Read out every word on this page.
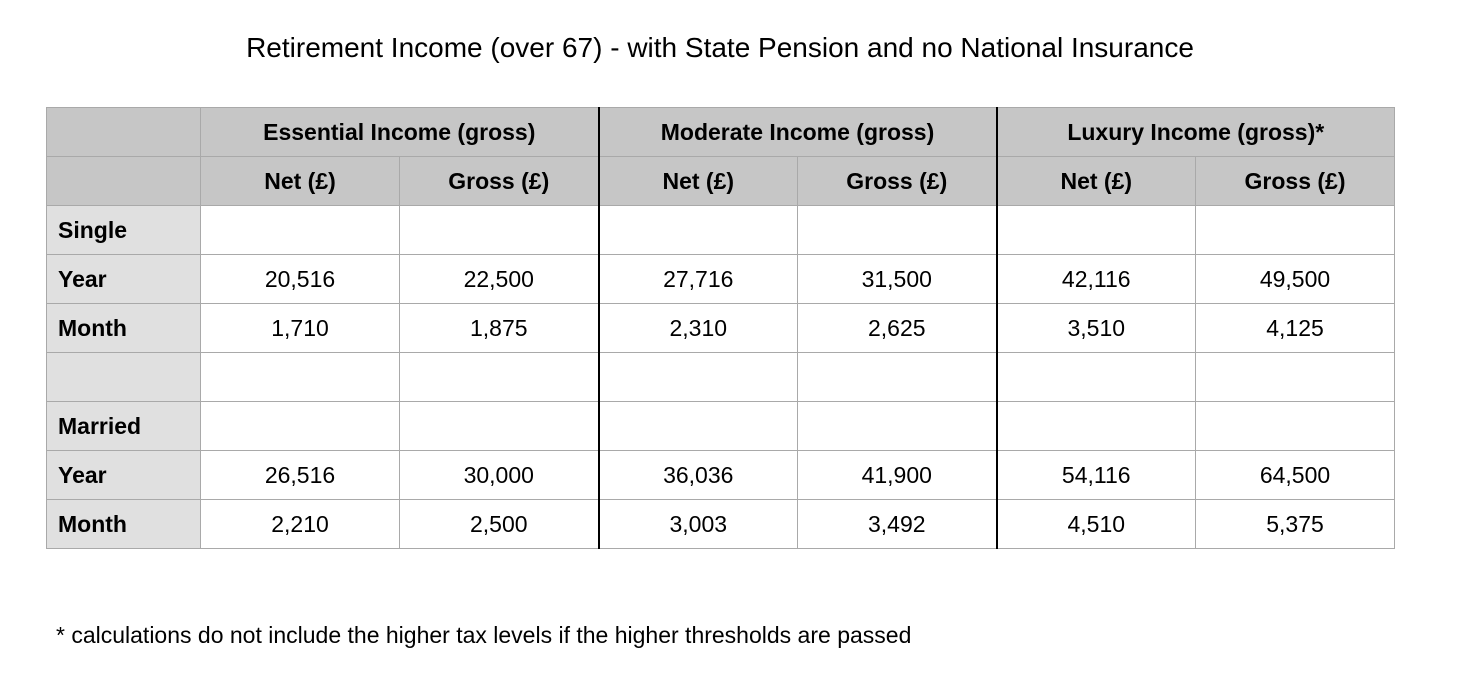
Retirement Income (over 67) - with State Pension and no National Insurance
	Essential Income (gross)		Moderate Income (gross)		Luxury Income (gross)*	
	Net (£)	Gross (£)	Net (£)	Gross (£)	Net (£)	Gross (£)
Single						
Year	20,516	22,500	27,716	31,500	42,116	49,500
Month	1,710	1,875	2,310	2,625	3,510	4,125

Married						
Year	26,516	30,000	36,036	41,900	54,116	64,500
Month	2,210	2,500	3,003	3,492	4,510	5,375
* calculations do not include the higher tax levels if the higher thresholds are passed
